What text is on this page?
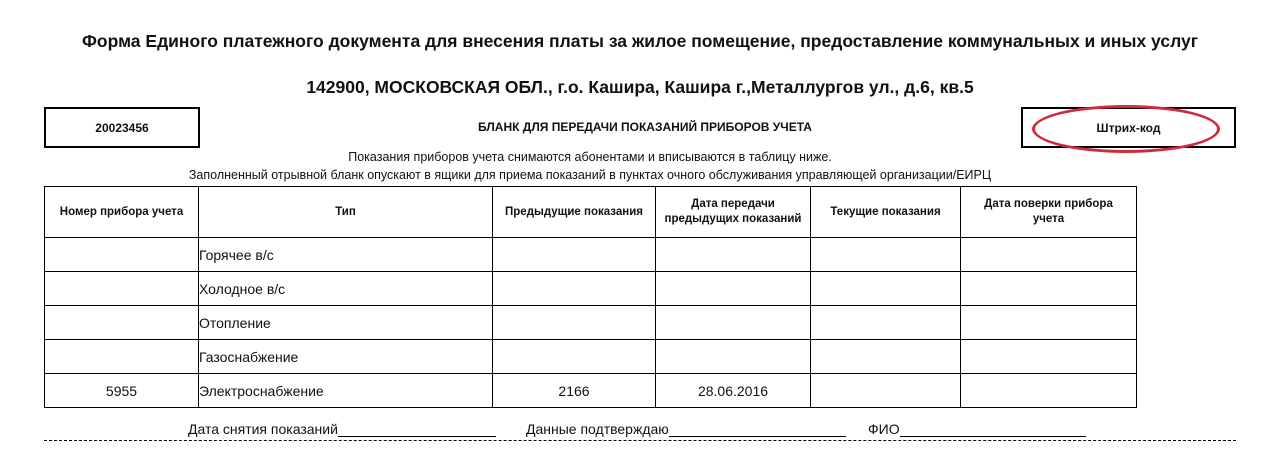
Форма Единого платежного документа для внесения платы за жилое помещение, предоставление коммунальных и иных услуг
142900, МОСКОВСКАЯ ОБЛ., г.о. Кашира, Кашира г.,Металлургов ул., д.6, кв.5
20023456	БЛАНК ДЛЯ ПЕРЕДАЧИ ПОКАЗАНИЙ ПРИБОРОВ УЧЕТА	Штрих-код
Показания приборов учета снимаются абонентами и вписываются в таблицу ниже.
Заполненный отрывной бланк опускают в ящики для приема показаний в пунктах очного обслуживания управляющей организации/ЕИРЦ
Номер прибора учета	Тип	Предыдущие показания	Дата передачи предыдущих показаний	Текущие показания	Дата поверки прибора учета
	Горячее в/с				
	Холодное в/с				
	Отопление				
	Газоснабжение				
5955	Электроснабжение	2166	28.06.2016		
Дата снятия показаний	Данные подтверждаю	ФИО
